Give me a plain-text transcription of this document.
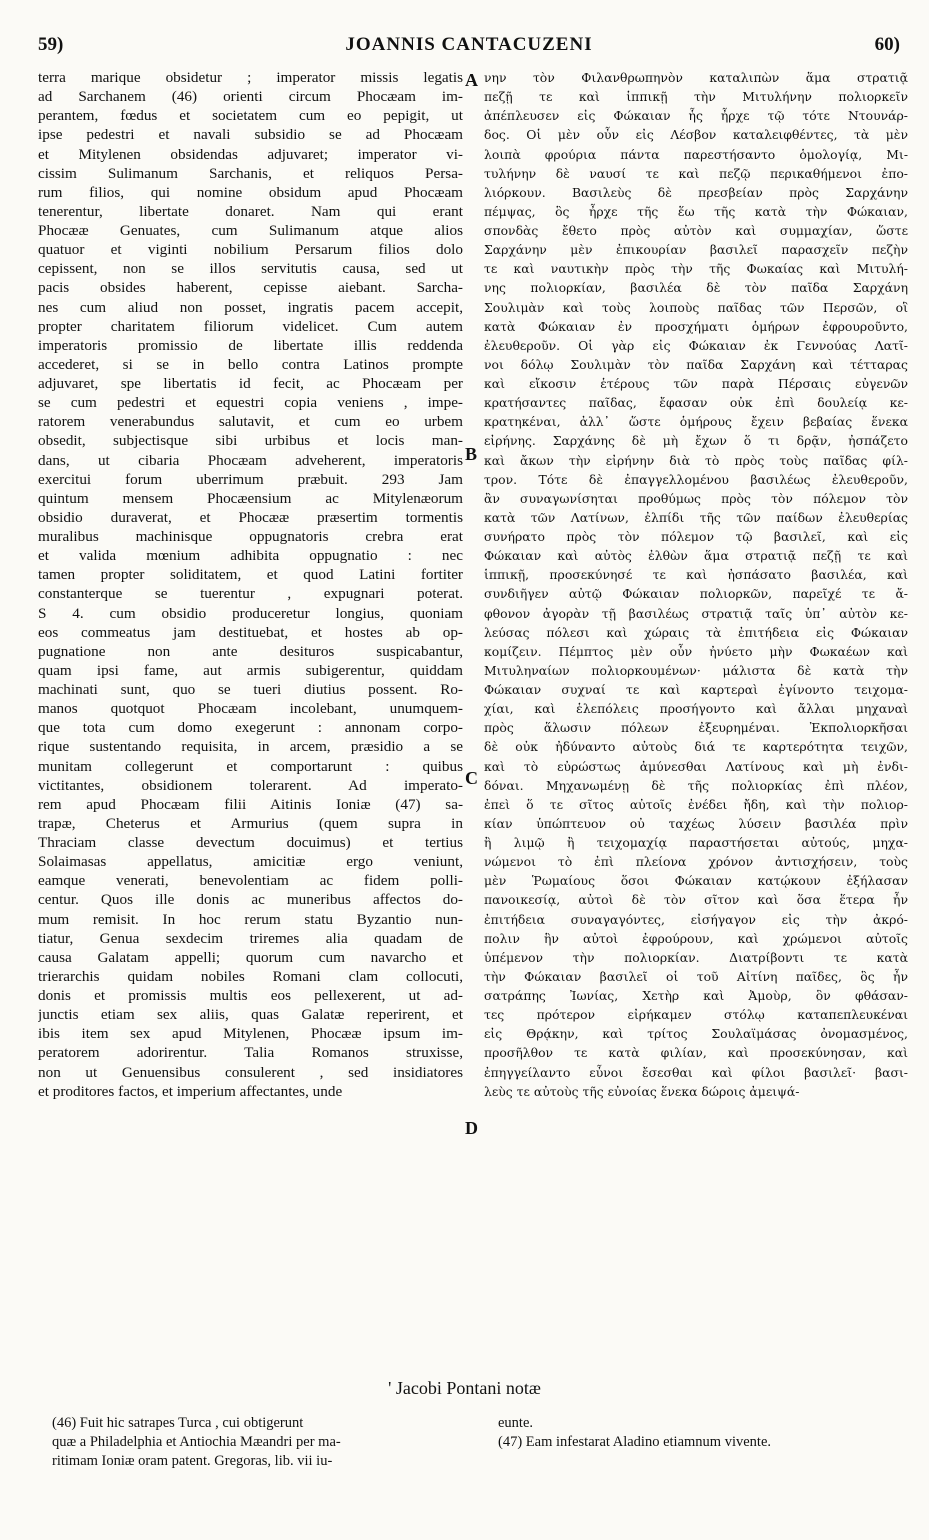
59)	JOANNIS CANTACUZENI	60)
terra marique obsidetur ; imperator missis legatis
ad Sarchanem (46) orienti circum Phocæam im-
perantem, fœdus et societatem cum eo pepigit, ut
ipse pedestri et navali subsidio se ad Phocæam
et Mitylenen obsidendas adjuvaret; imperator vi-
cissim Sulimanum Sarchanis, et reliquos Persa-
rum filios, qui nomine obsidum apud Phocæam
tenerentur, libertate donaret. Nam qui erant
Phocææ Genuates, cum Sulimanum atque alios
quatuor et viginti nobilium Persarum filios dolo
cepissent, non se illos servitutis causa, sed ut
pacis obsides haberent, cepisse aiebant. Sarcha-
nes cum aliud non posset, ingratis pacem accepit,
propter charitatem filiorum videlicet. Cum autem
imperatoris promissio de libertate illis reddenda
accederet, si se in bello contra Latinos prompte
adjuvaret, spe libertatis id fecit, ac Phocæam per
se cum pedestri et equestri copia veniens , impe-
ratorem venerabundus salutavit, et cum eo urbem
obsedit, subjectisque sibi urbibus et locis man-
dans, ut cibaria Phocæam adveherent, imperatoris
exercitui forum uberrimum præbuit. 293 Jam
quintum mensem Phocæensium ac Mitylenæorum
obsidio duraverat, et Phocææ præsertim tormentis
muralibus machinisque oppugnatoris crebra erat
et valida mœnium adhibita oppugnatio : nec
tamen propter soliditatem, et quod Latini fortiter
constanterque se tuerentur , expugnari poterat.
S 4. cum obsidio produceretur longius, quoniam
eos commeatus jam destituebat, et hostes ab op-
pugnatione non ante desituros suspicabantur,
quam ipsi fame, aut armis subigerentur, quiddam
machinati sunt, quo se tueri diutius possent. Ro-
manos quotquot Phocæam incolebant, unumquem-
que tota cum domo exegerunt : annonam corpo-
rique sustentando requisita, in arcem, præsidio a se
munitam collegerunt et comportarunt : quibus
victitantes, obsidionem tolerarent. Ad imperato-
rem apud Phocæam filii Aitinis Ioniæ (47) sa-
trapæ, Cheterus et Armurius (quem supra in
Thraciam classe devectum docuimus) et tertius
Solaimasas appellatus, amicitiæ ergo veniunt,
eamque venerati, benevolentiam ac fidem polli-
centur. Quos ille donis ac muneribus affectos do-
mum remisit. In hoc rerum statu Byzantio nun-
tiatur, Genua sexdecim triremes alia quadam de
causa Galatam appelli; quorum cum navarcho et
trierarchis quidam nobiles Romani clam collocuti,
donis et promissis multis eos pellexerent, ut ad-
junctis etiam sex aliis, quas Galatæ reperirent, et
ibis item sex apud Mitylenen, Phocææ ipsum im-
peratorem adorirentur. Talia Romanos struxisse,
non ut Genuensibus consulerent , sed insidiatores
et proditores factos, et imperium affectantes, unde
νην τὸν Φιλανθρωπηνὸν καταλιπὼν ἅμα στρατιᾷ
πεζῇ τε καὶ ἱππικῇ τὴν Μιτυλήνην πολιορκεῖν
ἀπέπλευσεν εἰς Φώκαιαν ἧς ἦρχε τῷ τότε Ντουνάρ-
δος. Οἱ μὲν οὖν εἰς Λέσβον καταλειφθέντες, τὰ μὲν
λοιπὰ φρούρια πάντα παρεστήσαντο ὁμολογίᾳ, Μι-
τυλήνην δὲ ναυσί τε καὶ πεζῷ περικαθήμενοι ἐπο-
λιόρκουν. Βασιλεὺς δὲ πρεσβείαν πρὸς Σαρχάνην
πέμψας, ὃς ἦρχε τῆς ἕω τῆς κατὰ τὴν Φώκαιαν,
σπονδὰς ἔθετο πρὸς αὐτὸν καὶ συμμαχίαν, ὥστε
Σαρχάνην μὲν ἐπικουρίαν βασιλεῖ παρασχεῖν πεζὴν
τε καὶ ναυτικὴν πρὸς τὴν τῆς Φωκαίας καὶ Μιτυλή-
νης πολιορκίαν, βασιλέα δὲ τὸν παῖδα Σαρχάνη
Σουλιμὰν καὶ τοὺς λοιποὺς παῖδας τῶν Περσῶν, οἳ
κατὰ Φώκαιαν ἐν προσχήματι ὁμήρων ἐφρουροῦντο,
ἐλευθεροῦν. Οἱ γὰρ εἰς Φώκαιαν ἐκ Γεννούας Λατῖ-
νοι δόλῳ Σουλιμὰν τὸν παῖδα Σαρχάνη καὶ τέτταρας
καὶ εἴκοσιν ἑτέρους τῶν παρὰ Πέρσαις εὐγενῶν
κρατήσαντες παῖδας, ἔφασαν οὐκ ἐπὶ δουλείᾳ κε-
κρατηκέναι, ἀλλ᾽ ὥστε ὁμήρους ἔχειν βεβαίας ἕνεκα
εἰρήνης. Σαρχάνης δὲ μὴ ἔχων ὅ τι δρᾷν, ἠσπάζετο
καὶ ἄκων τὴν εἰρήνην διὰ τὸ πρὸς τοὺς παῖδας φίλ-
τρον. Τότε δὲ ἐπαγγελλομένου βασιλέως ἐλευθεροῦν,
ἂν συναγωνίσηται προθύμως πρὸς τὸν πόλεμον τὸν
κατὰ τῶν Λατίνων, ἐλπίδι τῆς τῶν παίδων ἐλευθερίας
συνήρατο πρὸς τὸν πόλεμον τῷ βασιλεῖ, καὶ εἰς
Φώκαιαν καὶ αὐτὸς ἐλθὼν ἅμα στρατιᾷ πεζῇ τε καὶ
ἱππικῇ, προσεκύνησέ τε καὶ ἠσπάσατο βασιλέα, καὶ
συνδιῆγεν αὐτῷ Φώκαιαν πολιορκῶν, παρεῖχέ τε ἄ-
φθονον ἀγορὰν τῇ βασιλέως στρατιᾷ ταῖς ὑπ᾽ αὐτὸν κε-
λεύσας πόλεσι καὶ χώραις τὰ ἐπιτήδεια εἰς Φώκαιαν
κομίζειν. Πέμπτος μὲν οὖν ἠνύετο μὴν Φωκαέων καὶ
Μιτυληναίων πολιορκουμένων· μάλιστα δὲ κατὰ τὴν
Φώκαιαν συχναί τε καὶ καρτεραὶ ἐγίνοντο τειχομα-
χίαι, καὶ ἑλεπόλεις προσήγοντο καὶ ἄλλαι μηχαναὶ
πρὸς ἅλωσιν πόλεων ἐξευρημέναι. Ἐκπολιορκῆσαι
δὲ οὐκ ἠδύναντο αὐτοὺς διά τε καρτερότητα τειχῶν,
καὶ τὸ εὐρώστως ἀμύνεσθαι Λατίνους καὶ μὴ ἐνδι-
δόναι. Μηχανωμένῃ δὲ τῆς πολιορκίας ἐπὶ πλέον,
ἐπεὶ ὅ τε σῖτος αὐτοῖς ἐνέδει ἤδη, καὶ τὴν πολιορ-
κίαν ὑπώπτευον οὐ ταχέως λύσειν βασιλέα πρὶν
ἢ λιμῷ ἢ τειχομαχίᾳ παραστήσεται αὐτούς, μηχα-
νώμενοι τὸ ἐπὶ πλείονα χρόνον ἀντισχήσειν, τοὺς
μὲν Ῥωμαίους ὅσοι Φώκαιαν κατῴκουν ἐξήλασαν
πανοικεσίᾳ, αὐτοὶ δὲ τὸν σῖτον καὶ ὅσα ἕτερα ἦν
ἐπιτήδεια συναγαγόντες, εἰσήγαγον εἰς τὴν ἀκρό-
πολιν ἣν αὐτοὶ ἐφρούρουν, καὶ χρώμενοι αὐτοῖς
ὑπέμενον τὴν πολιορκίαν. Διατρίβοντι τε κατὰ
τὴν Φώκαιαν βασιλεῖ οἱ τοῦ Αἰτίνη παῖδες, ὃς ἦν
σατράπης Ἰωνίας, Χετὴρ καὶ Ἀμοὺρ, ὃν φθάσαν-
τες πρότερον εἰρήκαμεν στόλῳ καταπεπλευκέναι
εἰς Θρᾴκην, καὶ τρίτος Σουλαϊμάσας ὀνομασμένος,
προσῆλθον τε κατὰ φιλίαν, καὶ προσεκύνησαν, καὶ
ἐπηγγείλαντο εὖνοι ἔσεσθαι καὶ φίλοι βασιλεῖ· βασι-
λεὺς τε αὐτοὺς τῆς εὐνοίας ἕνεκα δώροις ἀμειψά-
A
B
C
D
' Jacobi Pontani notæ
(46) Fuit hic satrapes Turca , cui obtigerunt
quæ a Philadelphia et Antiochia Mæandri per ma-
ritimam Ioniæ oram patent. Gregoras, lib. vii iu-
eunte.
(47) Eam infestarat Aladino etiamnum vivente.
